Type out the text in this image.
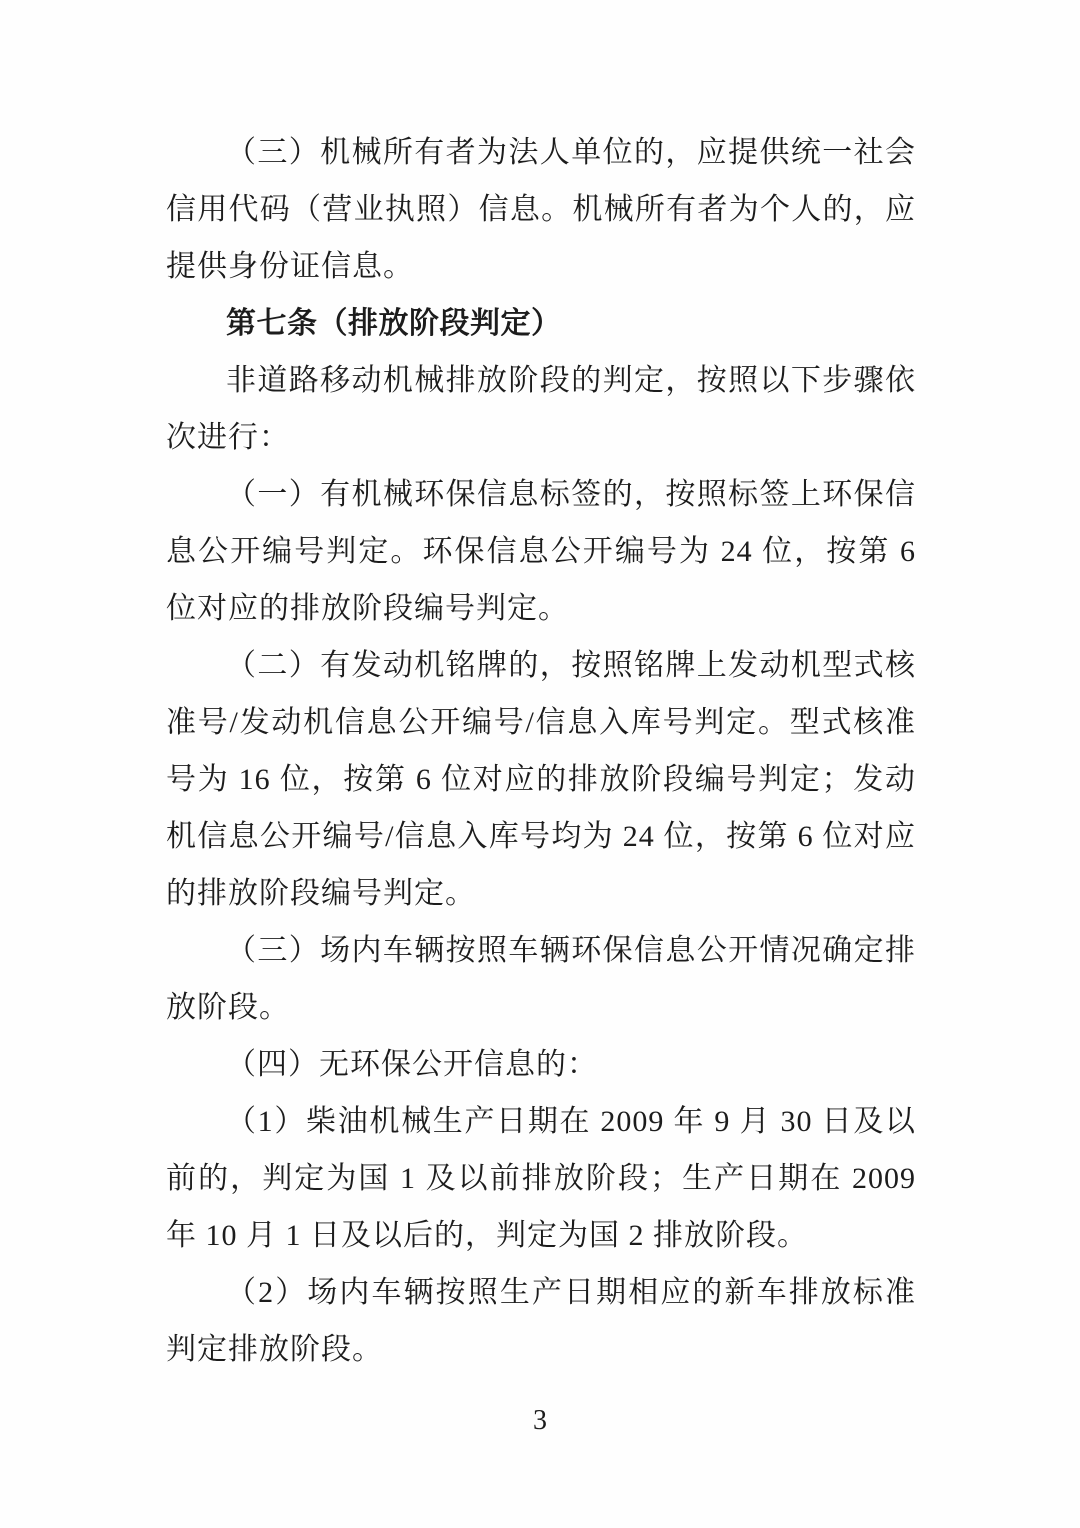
（三）机械所有者为法人单位的，应提供统一社会信用代码（营业执照）信息。机械所有者为个人的，应提供身份证信息。

第七条（排放阶段判定）

非道路移动机械排放阶段的判定，按照以下步骤依次进行：

（一）有机械环保信息标签的，按照标签上环保信息公开编号判定。环保信息公开编号为 24 位，按第 6 位对应的排放阶段编号判定。

（二）有发动机铭牌的，按照铭牌上发动机型式核准号/发动机信息公开编号/信息入库号判定。型式核准号为 16 位，按第 6 位对应的排放阶段编号判定；发动机信息公开编号/信息入库号均为 24 位，按第 6 位对应的排放阶段编号判定。

（三）场内车辆按照车辆环保信息公开情况确定排放阶段。

（四）无环保公开信息的：

（1）柴油机械生产日期在 2009 年 9 月 30 日及以前的，判定为国 1 及以前排放阶段；生产日期在 2009 年 10 月 1 日及以后的，判定为国 2 排放阶段。

（2）场内车辆按照生产日期相应的新车排放标准判定排放阶段。

3
